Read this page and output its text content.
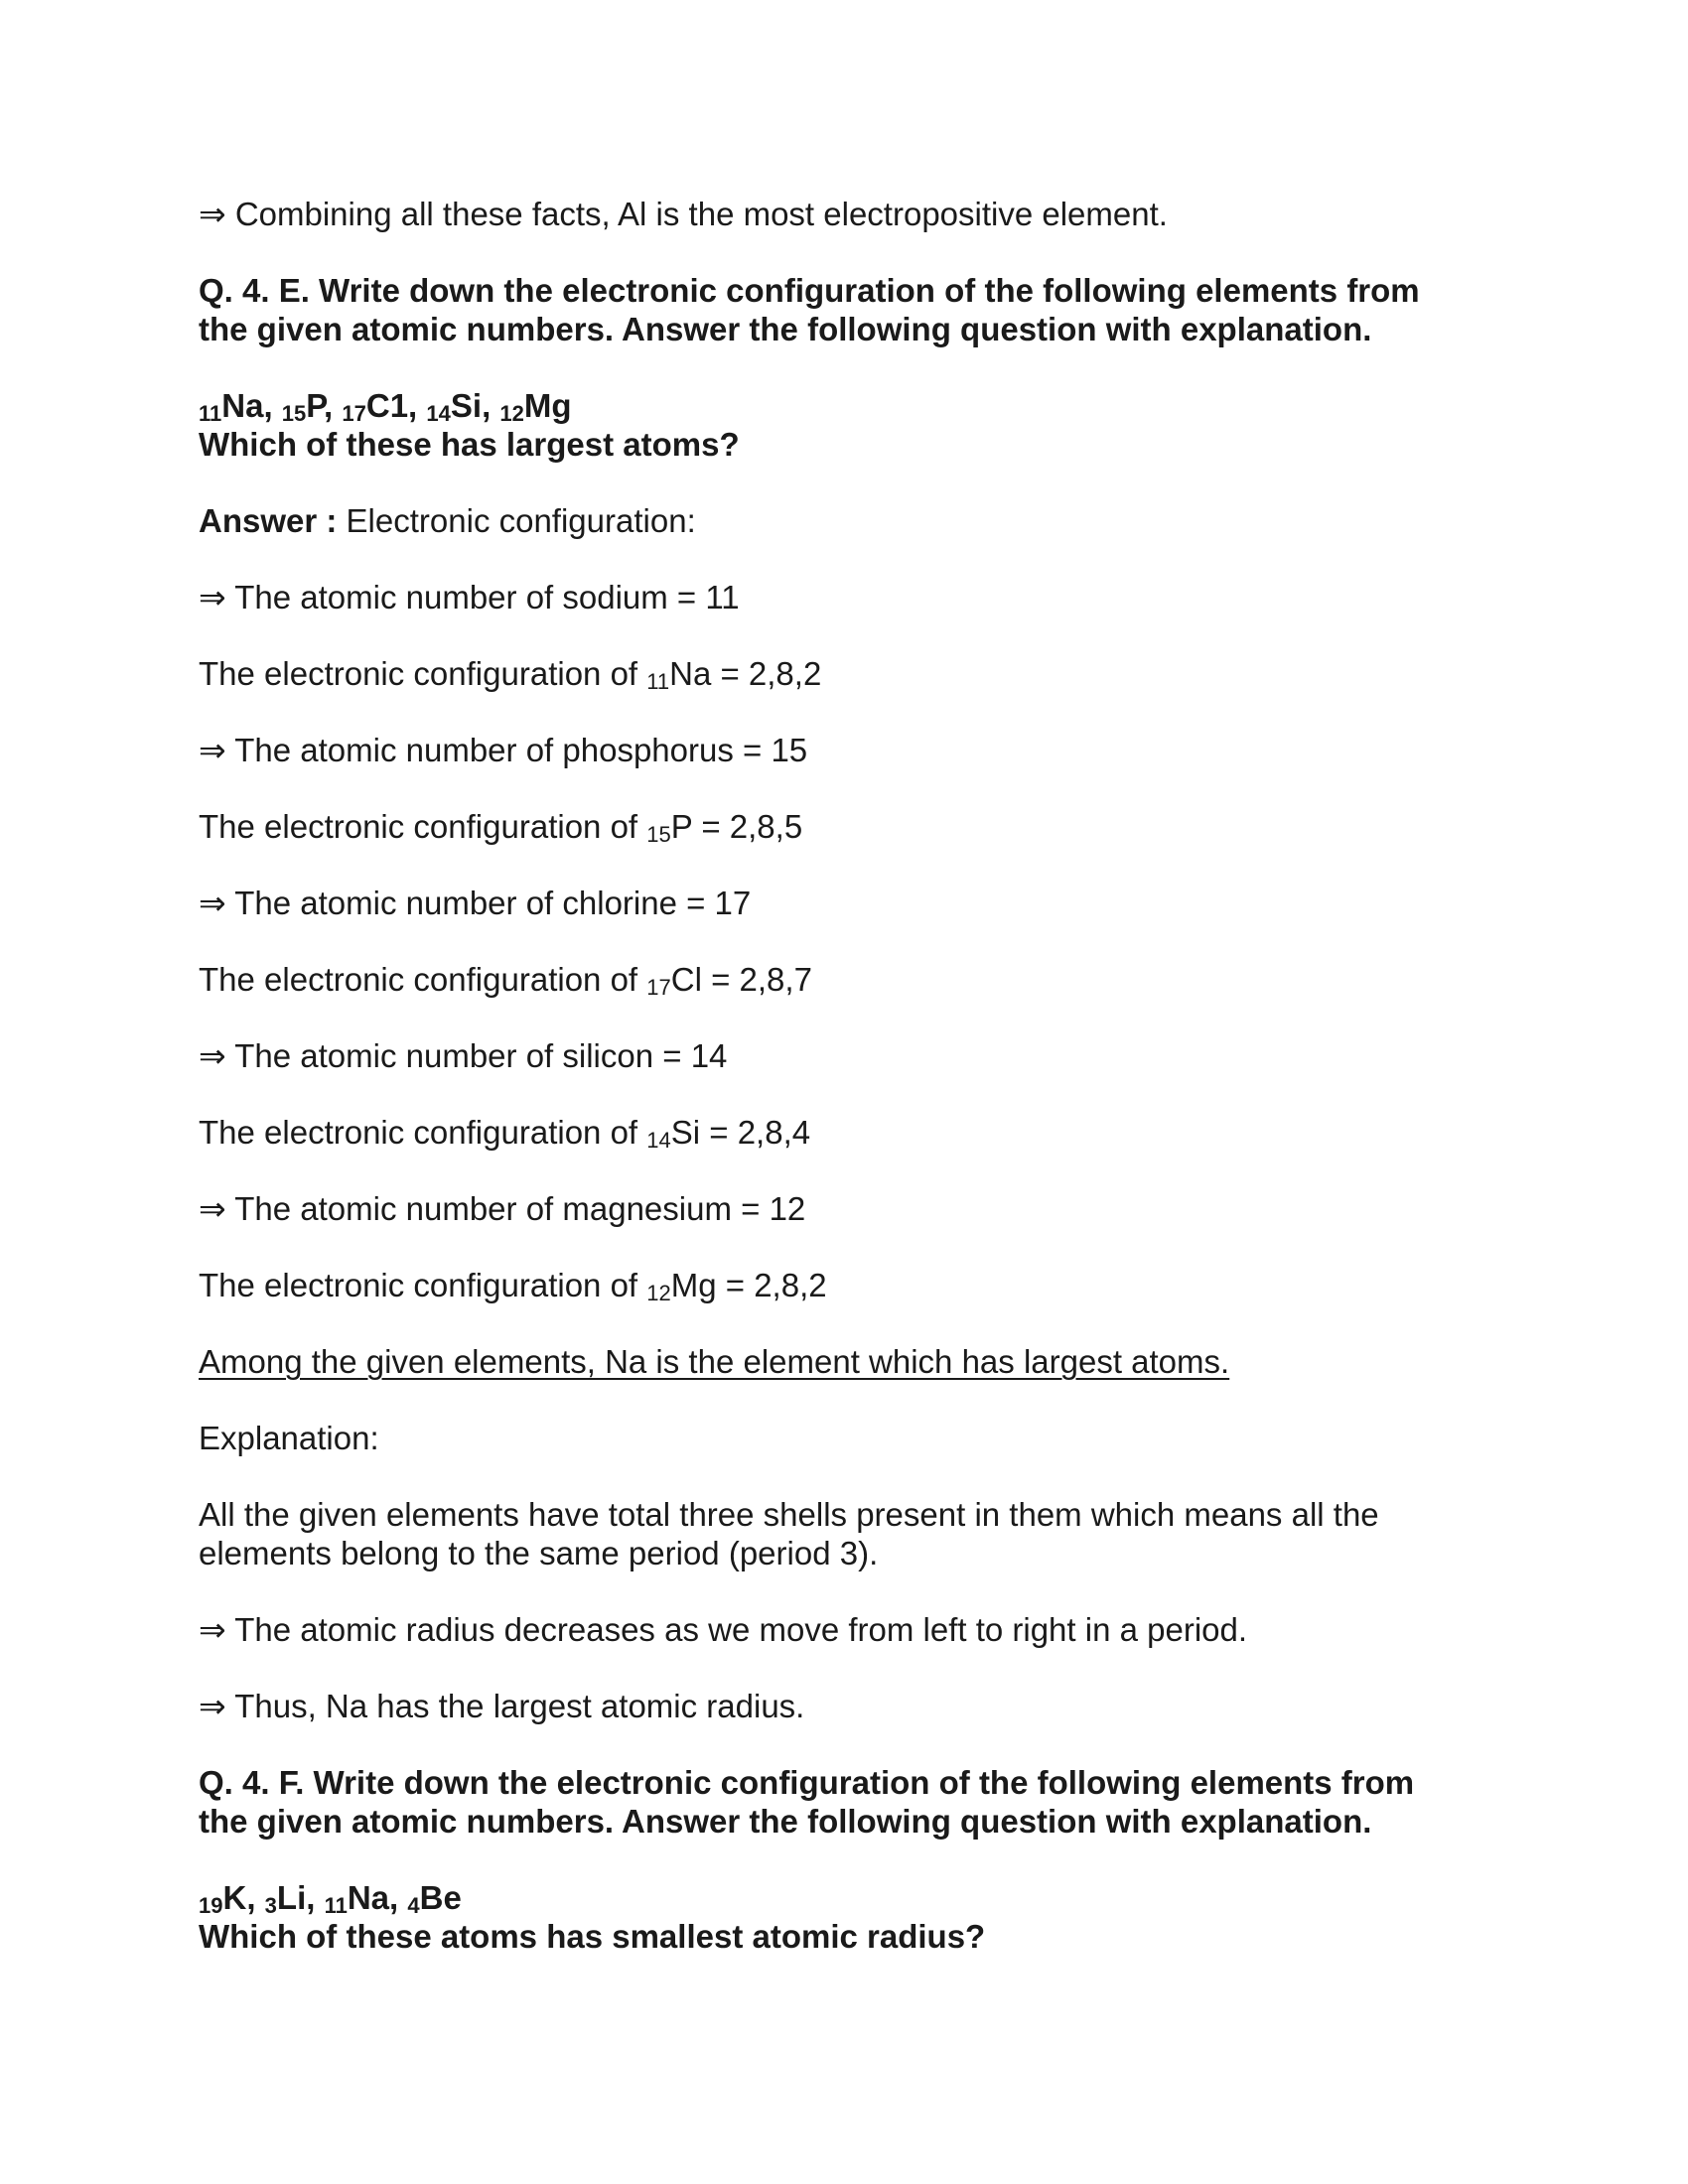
⇒ Combining all these facts, Al is the most electropositive element.

Q. 4. E. Write down the electronic configuration of the following elements from

the given atomic numbers. Answer the following question with explanation.

11Na, 15P, 17C1, 14Si, 12Mg

Which of these has largest atoms?

Answer : Electronic configuration:

⇒ The atomic number of sodium = 11

The electronic configuration of 11Na = 2,8,2

⇒ The atomic number of phosphorus = 15

The electronic configuration of 15P = 2,8,5

⇒ The atomic number of chlorine = 17

The electronic configuration of 17Cl = 2,8,7

⇒ The atomic number of silicon = 14

The electronic configuration of 14Si = 2,8,4

⇒ The atomic number of magnesium = 12

The electronic configuration of 12Mg = 2,8,2

Among the given elements, Na is the element which has largest atoms.

Explanation:

All the given elements have total three shells present in them which means all the

elements belong to the same period (period 3).

⇒ The atomic radius decreases as we move from left to right in a period.

⇒ Thus, Na has the largest atomic radius.

Q. 4. F. Write down the electronic configuration of the following elements from

the given atomic numbers. Answer the following question with explanation.

19K, 3Li, 11Na, 4Be

Which of these atoms has smallest atomic radius?
